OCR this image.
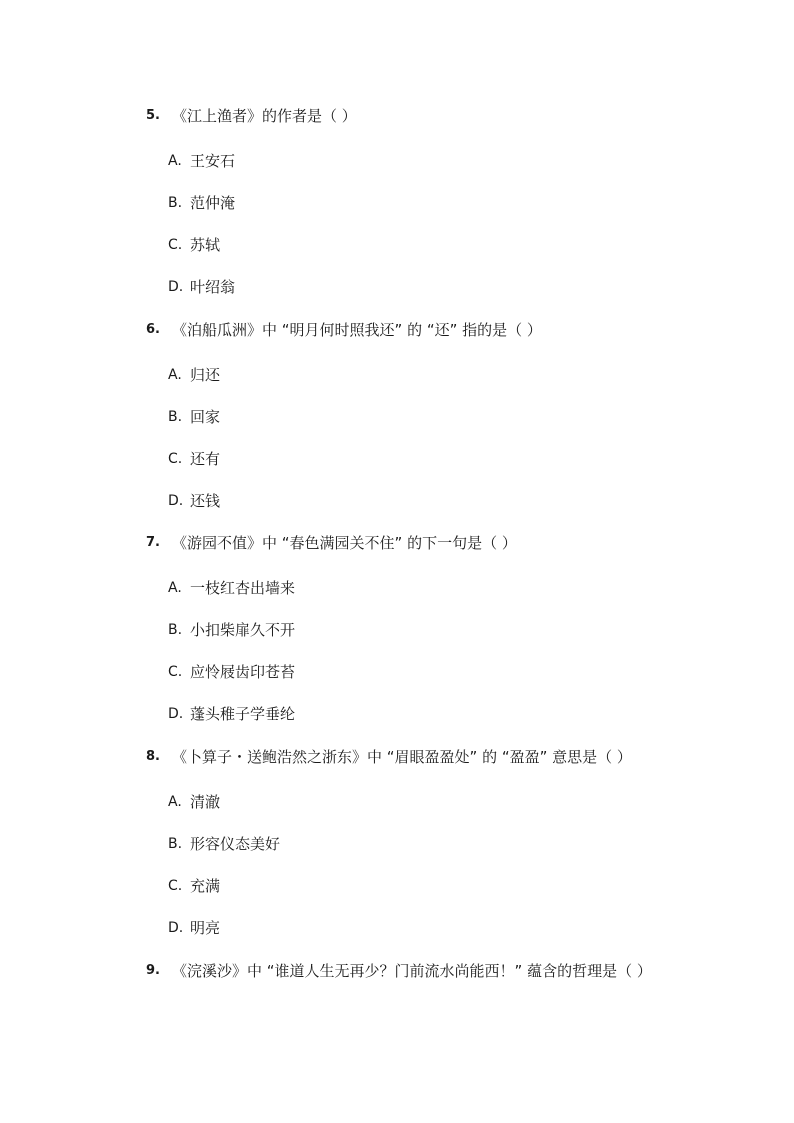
5. 《江上渔者》的作者是（ ）
A. 王安石
B. 范仲淹
C. 苏轼
D. 叶绍翁
6. 《泊船瓜洲》中 “明月何时照我还” 的 “还” 指的是（ ）
A. 归还
B. 回家
C. 还有
D. 还钱
7. 《游园不值》中 “春色满园关不住” 的下一句是（ ）
A. 一枝红杏出墙来
B. 小扣柴扉久不开
C. 应怜屐齿印苍苔
D. 蓬头稚子学垂纶
8. 《卜算子・送鲍浩然之浙东》中 “眉眼盈盈处” 的 “盈盈” 意思是（ ）
A. 清澈
B. 形容仪态美好
C. 充满
D. 明亮
9. 《浣溪沙》中 “谁道人生无再少？门前流水尚能西！” 蕴含的哲理是（ ）
